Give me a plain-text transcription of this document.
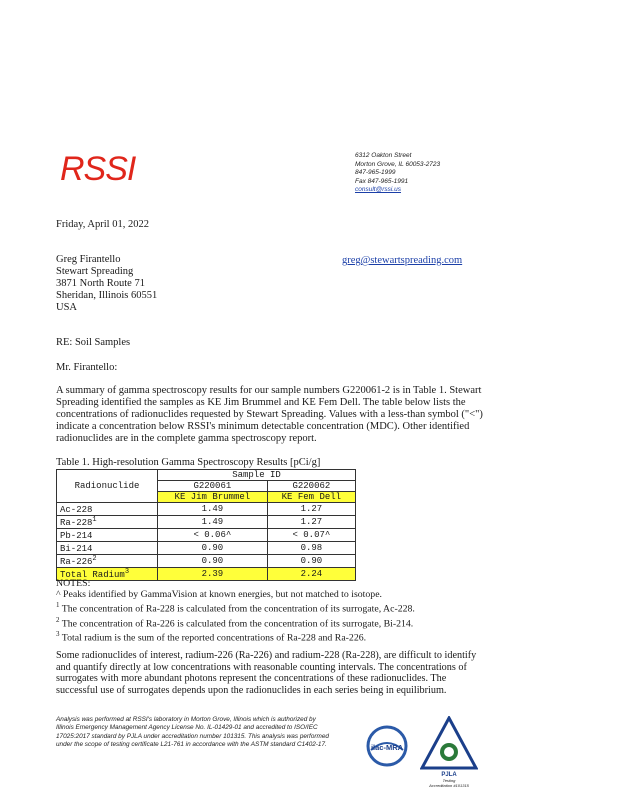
RSSI	6312 Oakton Street
Morton Grove, IL 60053-2723
847-965-1999
Fax 847-965-1991
consult@rssi.us
Friday, April 01, 2022
Greg Firantello
Stewart Spreading
3871 North Route 71
Sheridan, Illinois 60551
USA
greg@stewartspreading.com
RE: Soil Samples
Mr. Firantello:
A summary of gamma spectroscopy results for our sample numbers G220061-2 is in Table 1. Stewart Spreading identified the samples as KE Jim Brummel and KE Fem Dell. The table below lists the concentrations of radionuclides requested by Stewart Spreading. Values with a less-than symbol ("<") indicate a concentration below RSSI's minimum detectable concentration (MDC). Other identified radionuclides are in the complete gamma spectroscopy report.
Table 1. High-resolution Gamma Spectroscopy Results [pCi/g]
Radionuclide	Sample ID	
	G220061	G220062
	KE Jim Brummel	KE Fem Dell
Ac-228	1.49	1.27
$Ra-228^1$	1.49	1.27
Pb-214	< 0.06^	< 0.07^
Bi-214	0.90	0.98
$Ra-226^2$	0.90	0.90
Total Radium$^3$	2.39	2.24
NOTES:
^ Peaks identified by GammaVision at known energies, but not matched to isotope.
$^1$ The concentration of Ra-228 is calculated from the concentration of its surrogate, Ac-228.
$^2$ The concentration of Ra-226 is calculated from the concentration of its surrogate, Bi-214.
$^3$ Total radium is the sum of the reported concentrations of Ra-228 and Ra-226.
Some radionuclides of interest, radium-226 (Ra-226) and radium-228 (Ra-228), are difficult to identify and quantify directly at low concentrations with reasonable counting intervals. The concentrations of surrogates with more abundant photons represent the concentrations of these radionuclides. The successful use of surrogates depends upon the radionuclides in each series being in equilibrium.
Analysis was performed at RSSI's laboratory in Morton Grove, Illinois which is authorized by Illinois Emergency Management Agency License No. IL-01429-01 and accredited to ISO/IEC 17025:2017 standard by PJLA under accreditation number 101315. This analysis was performed under the scope of testing certificate L21-761 in accordance with the ASTM standard C1402-17.	ilac-MRA
PJLA
Testing
Accreditation #101315
